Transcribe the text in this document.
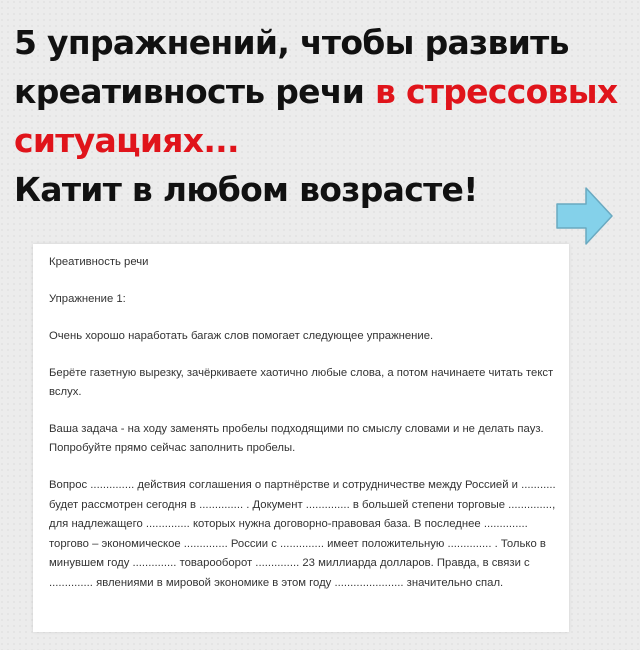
5 упражнений, чтобы развить
креативность речи в стрессовых
ситуациях...
Катит в любом возрасте!

Креативность речи

Упражнение 1:

Очень хорошо наработать багаж слов помогает следующее упражнение.

Берёте газетную вырезку, зачёркиваете хаотично любые слова, а потом начинаете читать текст вслух.

Ваша задача - на ходу заменять пробелы подходящими по смыслу словами и не делать пауз. Попробуйте прямо сейчас заполнить пробелы.

Вопрос .............. действия соглашения о партнёрстве и сотрудничестве между Россией и ........... будет рассмотрен сегодня в .............. . Документ .............. в большей степени торговые .............., для надлежащего .............. которых нужна договорно-правовая база. В последнее .............. торгово – экономическое .............. России с .............. имеет положительную .............. . Только в минувшем году .............. товарооборот .............. 23 миллиарда долларов. Правда, в связи с .............. явлениями в мировой экономике в этом году ...................... значительно спал.
